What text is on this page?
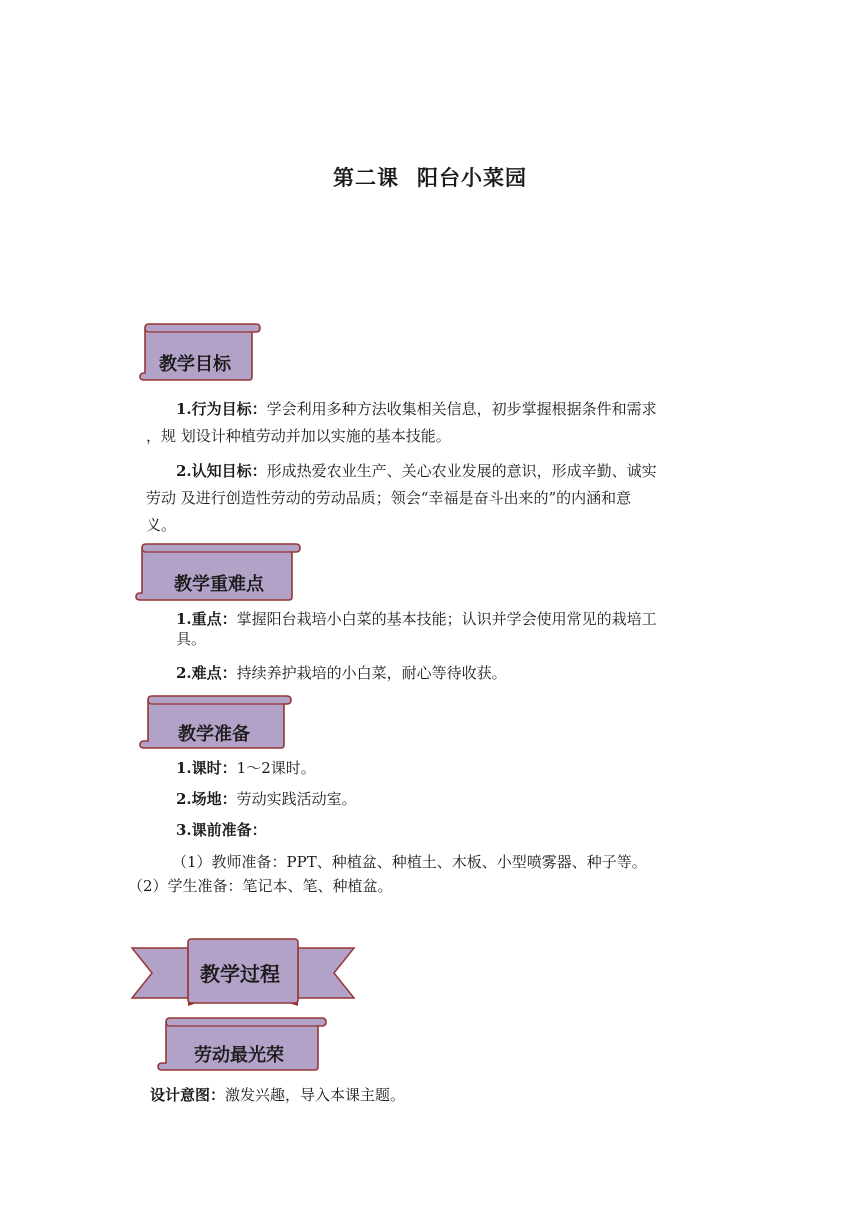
第二课 阳台小菜园
教学目标
1.行为目标：学会利用多种方法收集相关信息，初步掌握根据条件和需求
，规 划设计种植劳动并加以实施的基本技能。
2.认知目标：形成热爱农业生产、关心农业发展的意识，形成辛勤、诚实
劳动 及进行创造性劳动的劳动品质；领会“幸福是奋斗出来的”的内涵和意
义。
教学重难点
1.重点：掌握阳台栽培小白菜的基本技能；认识并学会使用常见的栽培工
具。
2.难点：持续养护栽培的小白菜，耐心等待收获。
教学准备
1.课时：1～2课时。
2.场地：劳动实践活动室。
3.课前准备：
（1）教师准备：PPT、种植盆、种植土、木板、小型喷雾器、种子等。
（2）学生准备：笔记本、笔、种植盆。
教学过程
劳动最光荣
设计意图：激发兴趣，导入本课主题。
